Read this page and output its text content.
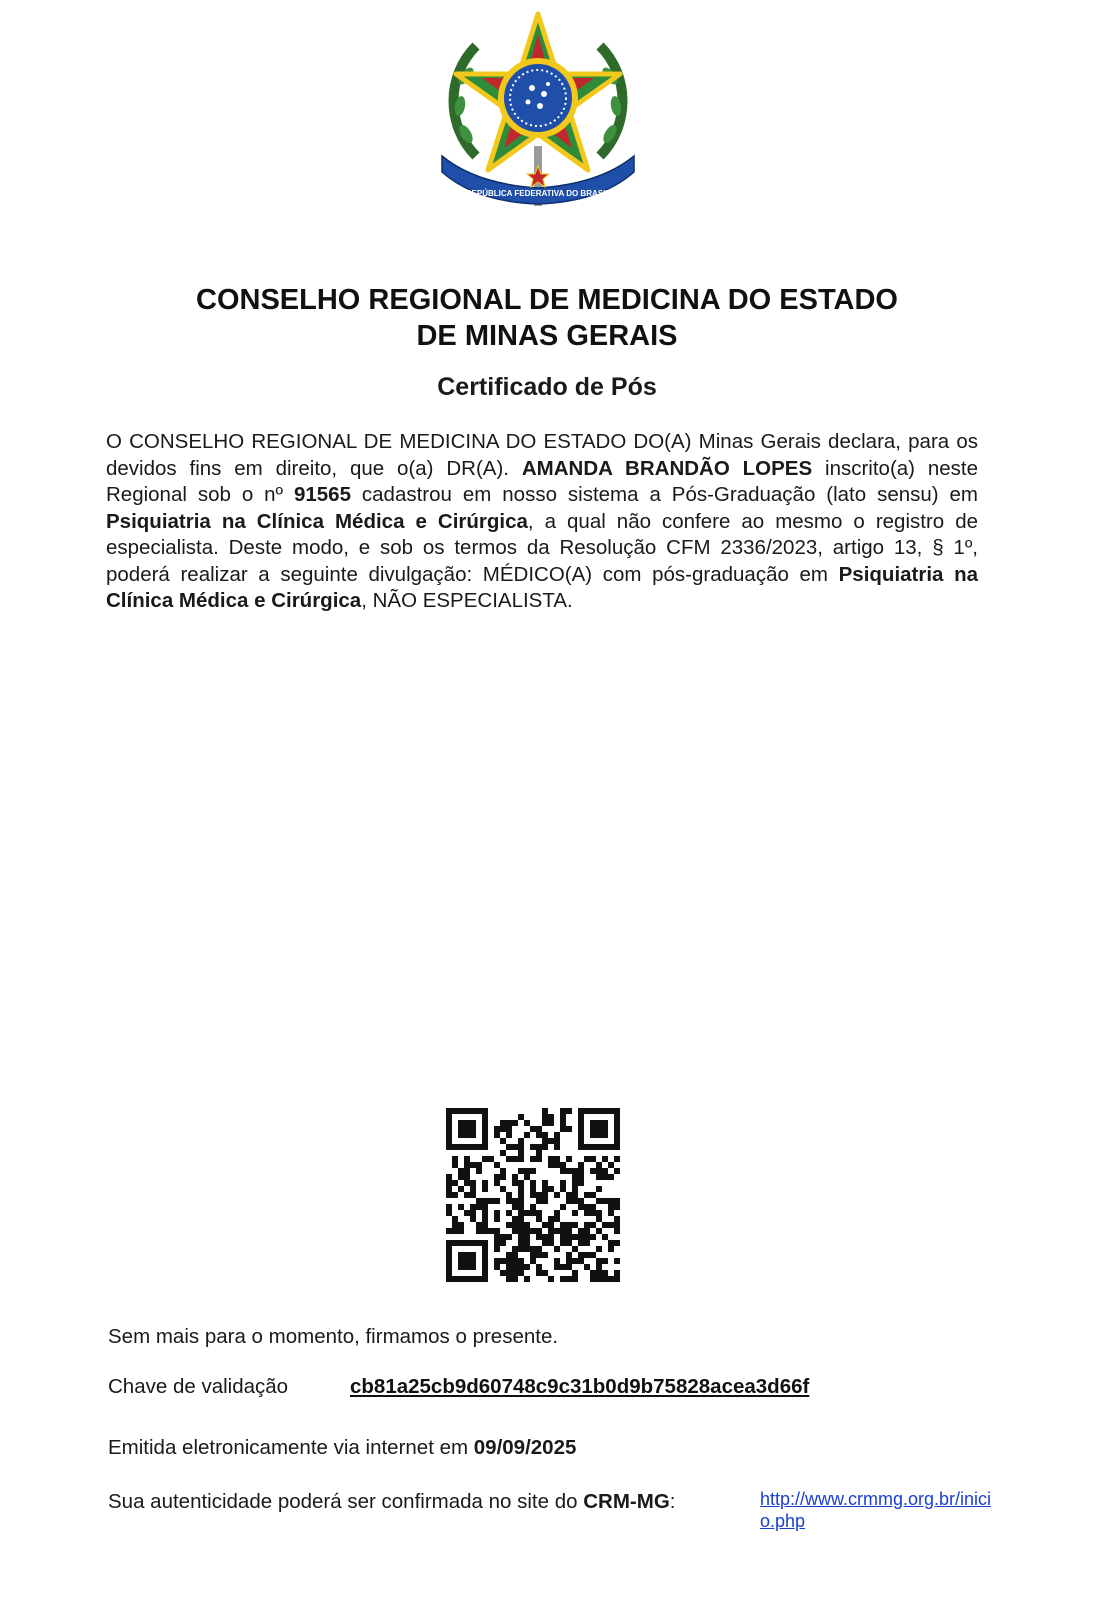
REPÚBLICA FEDERATIVA DO BRASIL
CONSELHO REGIONAL DE MEDICINA DO ESTADO
DE MINAS GERAIS
Certificado de Pós
O CONSELHO REGIONAL DE MEDICINA DO ESTADO DO(A) Minas Gerais declara, para os devidos fins em direito, que o(a) DR(A). AMANDA BRANDÃO LOPES inscrito(a) neste Regional sob o nº 91565 cadastrou em nosso sistema a Pós-Graduação (lato sensu) em Psiquiatria na Clínica Médica e Cirúrgica, a qual não confere ao mesmo o registro de especialista. Deste modo, e sob os termos da Resolução CFM 2336/2023, artigo 13, § 1º, poderá realizar a seguinte divulgação: MÉDICO(A) com pós-graduação em Psiquiatria na Clínica Médica e Cirúrgica, NÃO ESPECIALISTA.
Sem mais para o momento, firmamos o presente.
Chave de validação	cb81a25cb9d60748c9c31b0d9b75828acea3d66f
Emitida eletronicamente via internet em 09/09/2025
Sua autenticidade poderá ser confirmada no site do CRM-MG:	http://www.crmmg.org.br/inicio.php
